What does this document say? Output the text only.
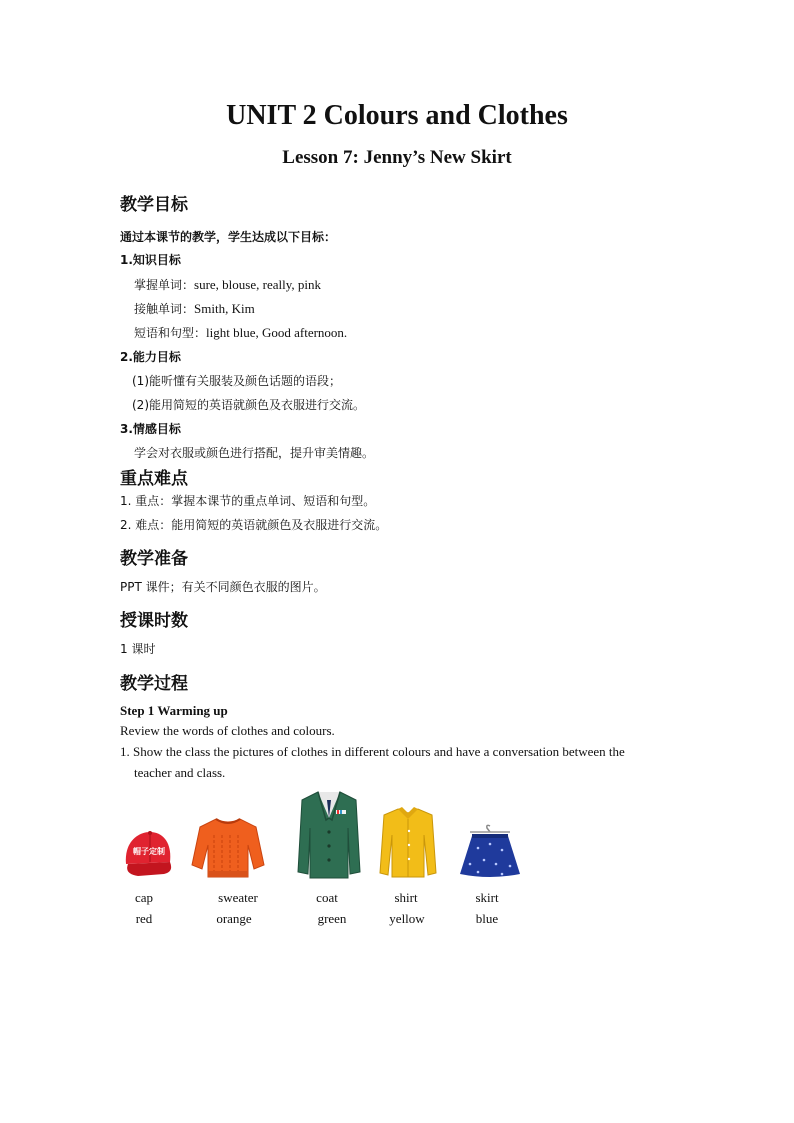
UNIT 2 Colours and Clothes
Lesson 7: Jenny’s New Skirt
教学目标
通过本课节的教学，学生达成以下目标：
1.知识目标
掌握单词：sure, blouse, really, pink
接触单词：Smith, Kim
短语和句型：light blue, Good afternoon.
2.能力目标
(1)能听懂有关服装及颜色话题的语段；
(2)能用简短的英语就颜色及衣服进行交流。
3.情感目标
学会对衣服或颜色进行搭配，提升审美情趣。
重点难点
1. 重点：掌握本课节的重点单词、短语和句型。
2. 难点：能用简短的英语就颜色及衣服进行交流。
教学准备
PPT 课件；有关不同颜色衣服的图片。
授课时数
1 课时
教学过程
Step 1 Warming up
Review the words of clothes and colours.
1. Show the class the pictures of clothes in different colours and have a conversation between the
teacher and class.
帽子定制
cap
red
sweater
orange
coat
green
shirt
yellow
skirt
blue
